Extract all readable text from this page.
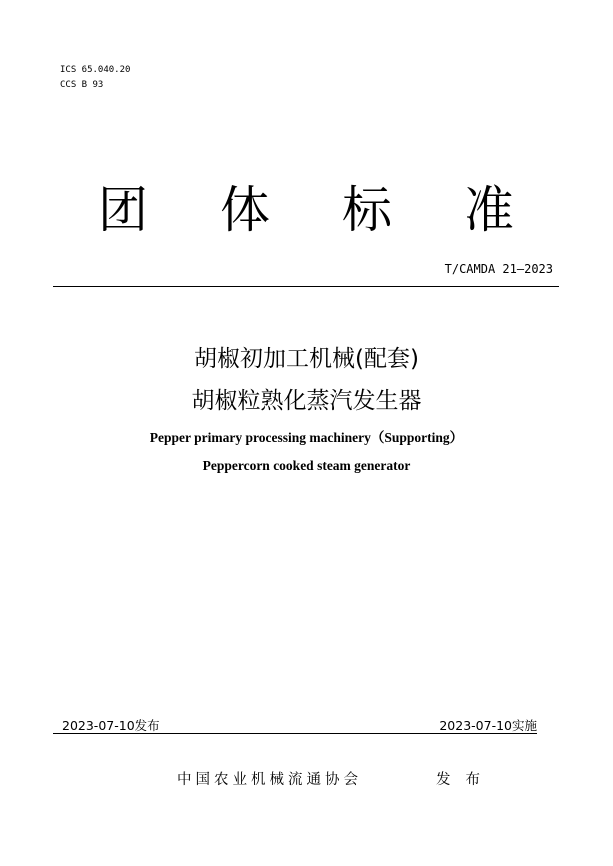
ICS 65.040.20
CCS B 93
团 体 标 准
T/CAMDA 21—2023
胡椒初加工机械(配套)
胡椒粒熟化蒸汽发生器
Pepper primary processing machinery（Supporting）
Peppercorn cooked steam generator
2023-07-10发布	2023-07-10实施
中国农业机械流通协会	发布
